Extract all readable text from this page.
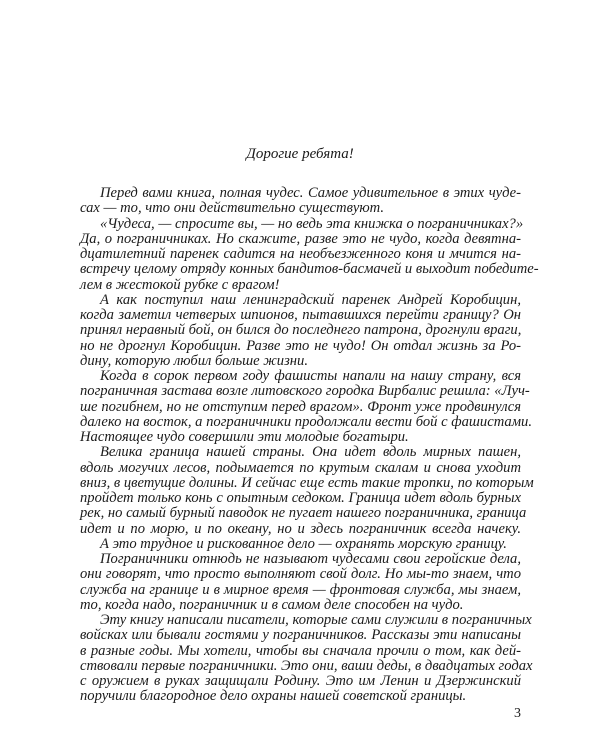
Дорогие ребята!
Перед вами книга, полная чудес. Самое удивительное в этих чуде-
сах — то, что они действительно существуют.
«Чудеса, — спросите вы, — но ведь эта книжка о пограничниках?»
Да, о пограничниках. Но скажите, разве это не чудо, когда девятна-
дцатилетний паренек садится на необъезженного коня и мчится на-
встречу целому отряду конных бандитов-басмачей и выходит победите-
лем в жестокой рубке с врагом!
А как поступил наш ленинградский паренек Андрей Коробицин,
когда заметил четверых шпионов, пытавшихся перейти границу? Он
принял неравный бой, он бился до последнего патрона, дрогнули враги,
но не дрогнул Коробицин. Разве это не чудо! Он отдал жизнь за Ро-
дину, которую любил больше жизни.
Когда в сорок первом году фашисты напали на нашу страну, вся
пограничная застава возле литовского городка Вирбалис решила: «Луч-
ше погибнем, но не отступим перед врагом». Фронт уже продвинулся
далеко на восток, а пограничники продолжали вести бой с фашистами.
Настоящее чудо совершили эти молодые богатыри.
Велика граница нашей страны. Она идет вдоль мирных пашен,
вдоль могучих лесов, подымается по крутым скалам и снова уходит
вниз, в цветущие долины. И сейчас еще есть такие тропки, по которым
пройдет только конь с опытным седоком. Граница идет вдоль бурных
рек, но самый бурный паводок не пугает нашего пограничника, граница
идет и по морю, и по океану, но и здесь пограничник всегда начеку.
А это трудное и рискованное дело — охранять морскую границу.
Пограничники отнюдь не называют чудесами свои геройские дела,
они говорят, что просто выполняют свой долг. Но мы-то знаем, что
служба на границе и в мирное время — фронтовая служба, мы знаем,
то, когда надо, пограничник и в самом деле способен на чудо.
Эту книгу написали писатели, которые сами служили в пограничных
войсках или бывали гостями у пограничников. Рассказы эти написаны
в разные годы. Мы хотели, чтобы вы сначала прочли о том, как дей-
ствовали первые пограничники. Это они, ваши деды, в двадцатых годах
с оружием в руках защищали Родину. Это им Ленин и Дзержинский
поручили благородное дело охраны нашей советской границы.
3
